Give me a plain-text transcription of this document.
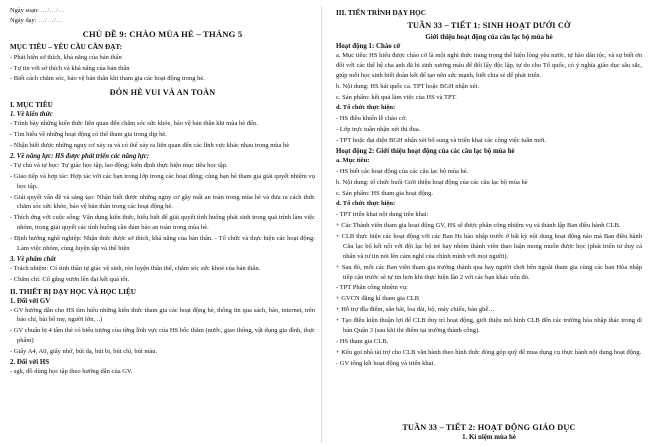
Ngày soạn: …/…/…
Ngày dạy: …/…/…
CHỦ ĐỀ 9: CHÀO MÙA HÈ – THÁNG 5
MỤC TIÊU – YÊU CẦU CẦN ĐẠT:

- Phát hiện sở thích, khả năng của bản thân

- Tự tin với sở thích và khả năng của bản thân

- Biết cách chăm sóc, bảo vệ bản thân khi tham gia các hoạt động trong hè.

ĐÓN HÈ VUI VÀ AN TOÀN
I. MỤC TIÊU
1. Về kiến thức

- Trình bày những kiến thức liên quan đến chăm sóc sức khỏe, bảo vệ bản thân khi mùa hè đến.

- Tìm hiểu về những hoạt động có thể tham gia trong dịp hè.

- Nhận biết được những nguy cơ xảy ra và có thể xảy ra liên quan đến các lĩnh vực khác nhau trong mùa hè

2. Về năng lực: HS được phát triển các năng lực:

- Tự chủ và tự học: Tự giác học tập, lao động; kiên định thực hiện mục tiêu học tập.

- Giao tiếp và hợp tác: Hợp tác với các bạn trong lớp trong các hoạt động; cùng bạn bè tham gia giải quyết nhiệm vụ học tập.

- Giải quyết vấn đề và sáng tạo: Nhận biết được những nguy cơ gây mất an toàn trong mùa hè và đưa ra cách thức chăm sóc sức khỏe, bảo vệ bản thân trong các hoạt động hè.

- Thích ứng với cuộc sống: Vận dụng kiến thức, hiểu biết để giải quyết tình huống phát sinh trong quá trình làm việc nhóm, trong giải quyết các tình huống cần đảm bảo an toàn trong mùa hè.

- Định hướng nghề nghiệp: Nhận thức được sở thích, khả năng của bản thân. - Tổ chức và thực hiện các hoạt động: Làm việc nhóm, cùng luyện tập và thể hiện

3. Về phẩm chất

- Trách nhiệm: Có tinh thần tự giác vệ sinh, rèn luyện thân thể, chăm sóc sức khoẻ của bản thân.

- Chăm chỉ: Cố gắng vươn lên đạt kết quả tốt.

II. THIẾT BỊ DẠY HỌC VÀ HỌC LIỆU
1. Đối với GV

- GV hướng dẫn cho HS tìm hiểu những kiến thức tham gia các hoạt động hè, thông tin qua sách, báo, internet, trên báo chí, bài bổ mẹ, người lớn, ..)

- GV chuẩn bị 4 tấm thẻ có biểu tượng của từng lĩnh vực của HS bốc thăm (nước, giao thông, vật dụng gia đình, thực phẩm)

- Giấy A4, A0, giấy nhớ, bút dạ, bút bi, bút chì, bút màu.

2. Đối với HS

- sgk, đồ dùng học tập theo hướng dẫn của GV.

III. TIẾN TRÌNH DẠY HỌC
TUẦN 33 – TIẾT 1: SINH HOẠT DƯỚI CỜ
Giới thiệu hoạt động của câu lạc bộ mùa hè
Hoạt động 1: Chào cờ

a. Mục tiêu: HS hiểu được chào cờ là một nghi thức trang trọng thể hiện lòng yêu nước, tự hào dân tộc, và sự biết ơn đối với các thế hệ cha anh đã hi sinh xương máu để đổi lấy độc lập, tự do cho Tổ quốc, có ý nghĩa giáo dục sâu sắc, giúp mỗi học sinh biết đoàn kết để tạo nên sức mạnh, biết chia sẻ để phát triển.

b. Nội dung: HS hát quốc ca. TPT hoặc BGH nhận xét.

c. Sản phẩm: kết quả làm việc của HS và TPT.

d. Tổ chức thực hiện:

- HS điều khiển lễ chào cờ.

- Lớp trực tuần nhận xét thi đua.

- TPT hoặc đại diện BGH nhận xét bổ sung và triển khai các công việc tuần mới.

Hoạt động 2: Giới thiệu hoạt động của các câu lạc bộ mùa hè

a. Mục tiêu:

- HS biết các hoạt động của các câu lạc bộ mùa hè.

b. Nội dung: tổ chức buổi Giới thiệu hoạt động của các câu lạc bộ mùa hè

c. Sản phẩm: HS tham gia hoạt động.

d. Tổ chức thực hiện:

- TPT triển khai nội dung trên khai:

+ Các Thành viên tham gia hoạt động GV, HS sẽ được phân công nhiệm vụ và thành lập Ban điều hành CLB.

+ CLB thực hiện các hoạt động với các Ban Hs hào nhập trước ở bất kỳ nội dung hoạt động nào mà Ban điều hành Câu lạc bộ kết nối với đội lạc bộ trẻ hay nhóm thành viên thao luận mong muốn được học (phát triển tư duy cá nhân và tư tin nói lên cảm nghĩ của chính mình với mọi người).

+ Sau đó, mỗi các Ban viên tham gia trưởng thành qua hay người chơi bên ngoài tham gia cùng các ban Hòa nhập tiếp cận trước sẽ tự tin hơn khi thực hiện lần 2 với các bạn khác uốn đó.

- TPT Phân công nhiệm vụ:

+ GVCN đăng kí tham gia CLB

+ Hỗ trợ đĩa điểm, sân bãi, loa đài, bộ, máy chiếu, bàn ghế…

+ Tạo điều kiện thuận lợi để CLB duy trì hoạt động, giới thiệu mô hình CLB đến các trường hòa nhập thác trong dì bản Quận 3 (sau khi thi điểm tại trường thành công).

- HS tham gia CLB.

+ Kêu gọi nhà tài trợ cho CLB văn hành theo hình thức đóng góp quỹ để mua dụng cụ thực hành nội dung hoạt động.

- GV tổng kết hoạt động và triển khai.

TUẦN 33 – TIẾT 2: HOẠT ĐỘNG GIÁO DỤC
1. Kỉ niệm mùa hè
